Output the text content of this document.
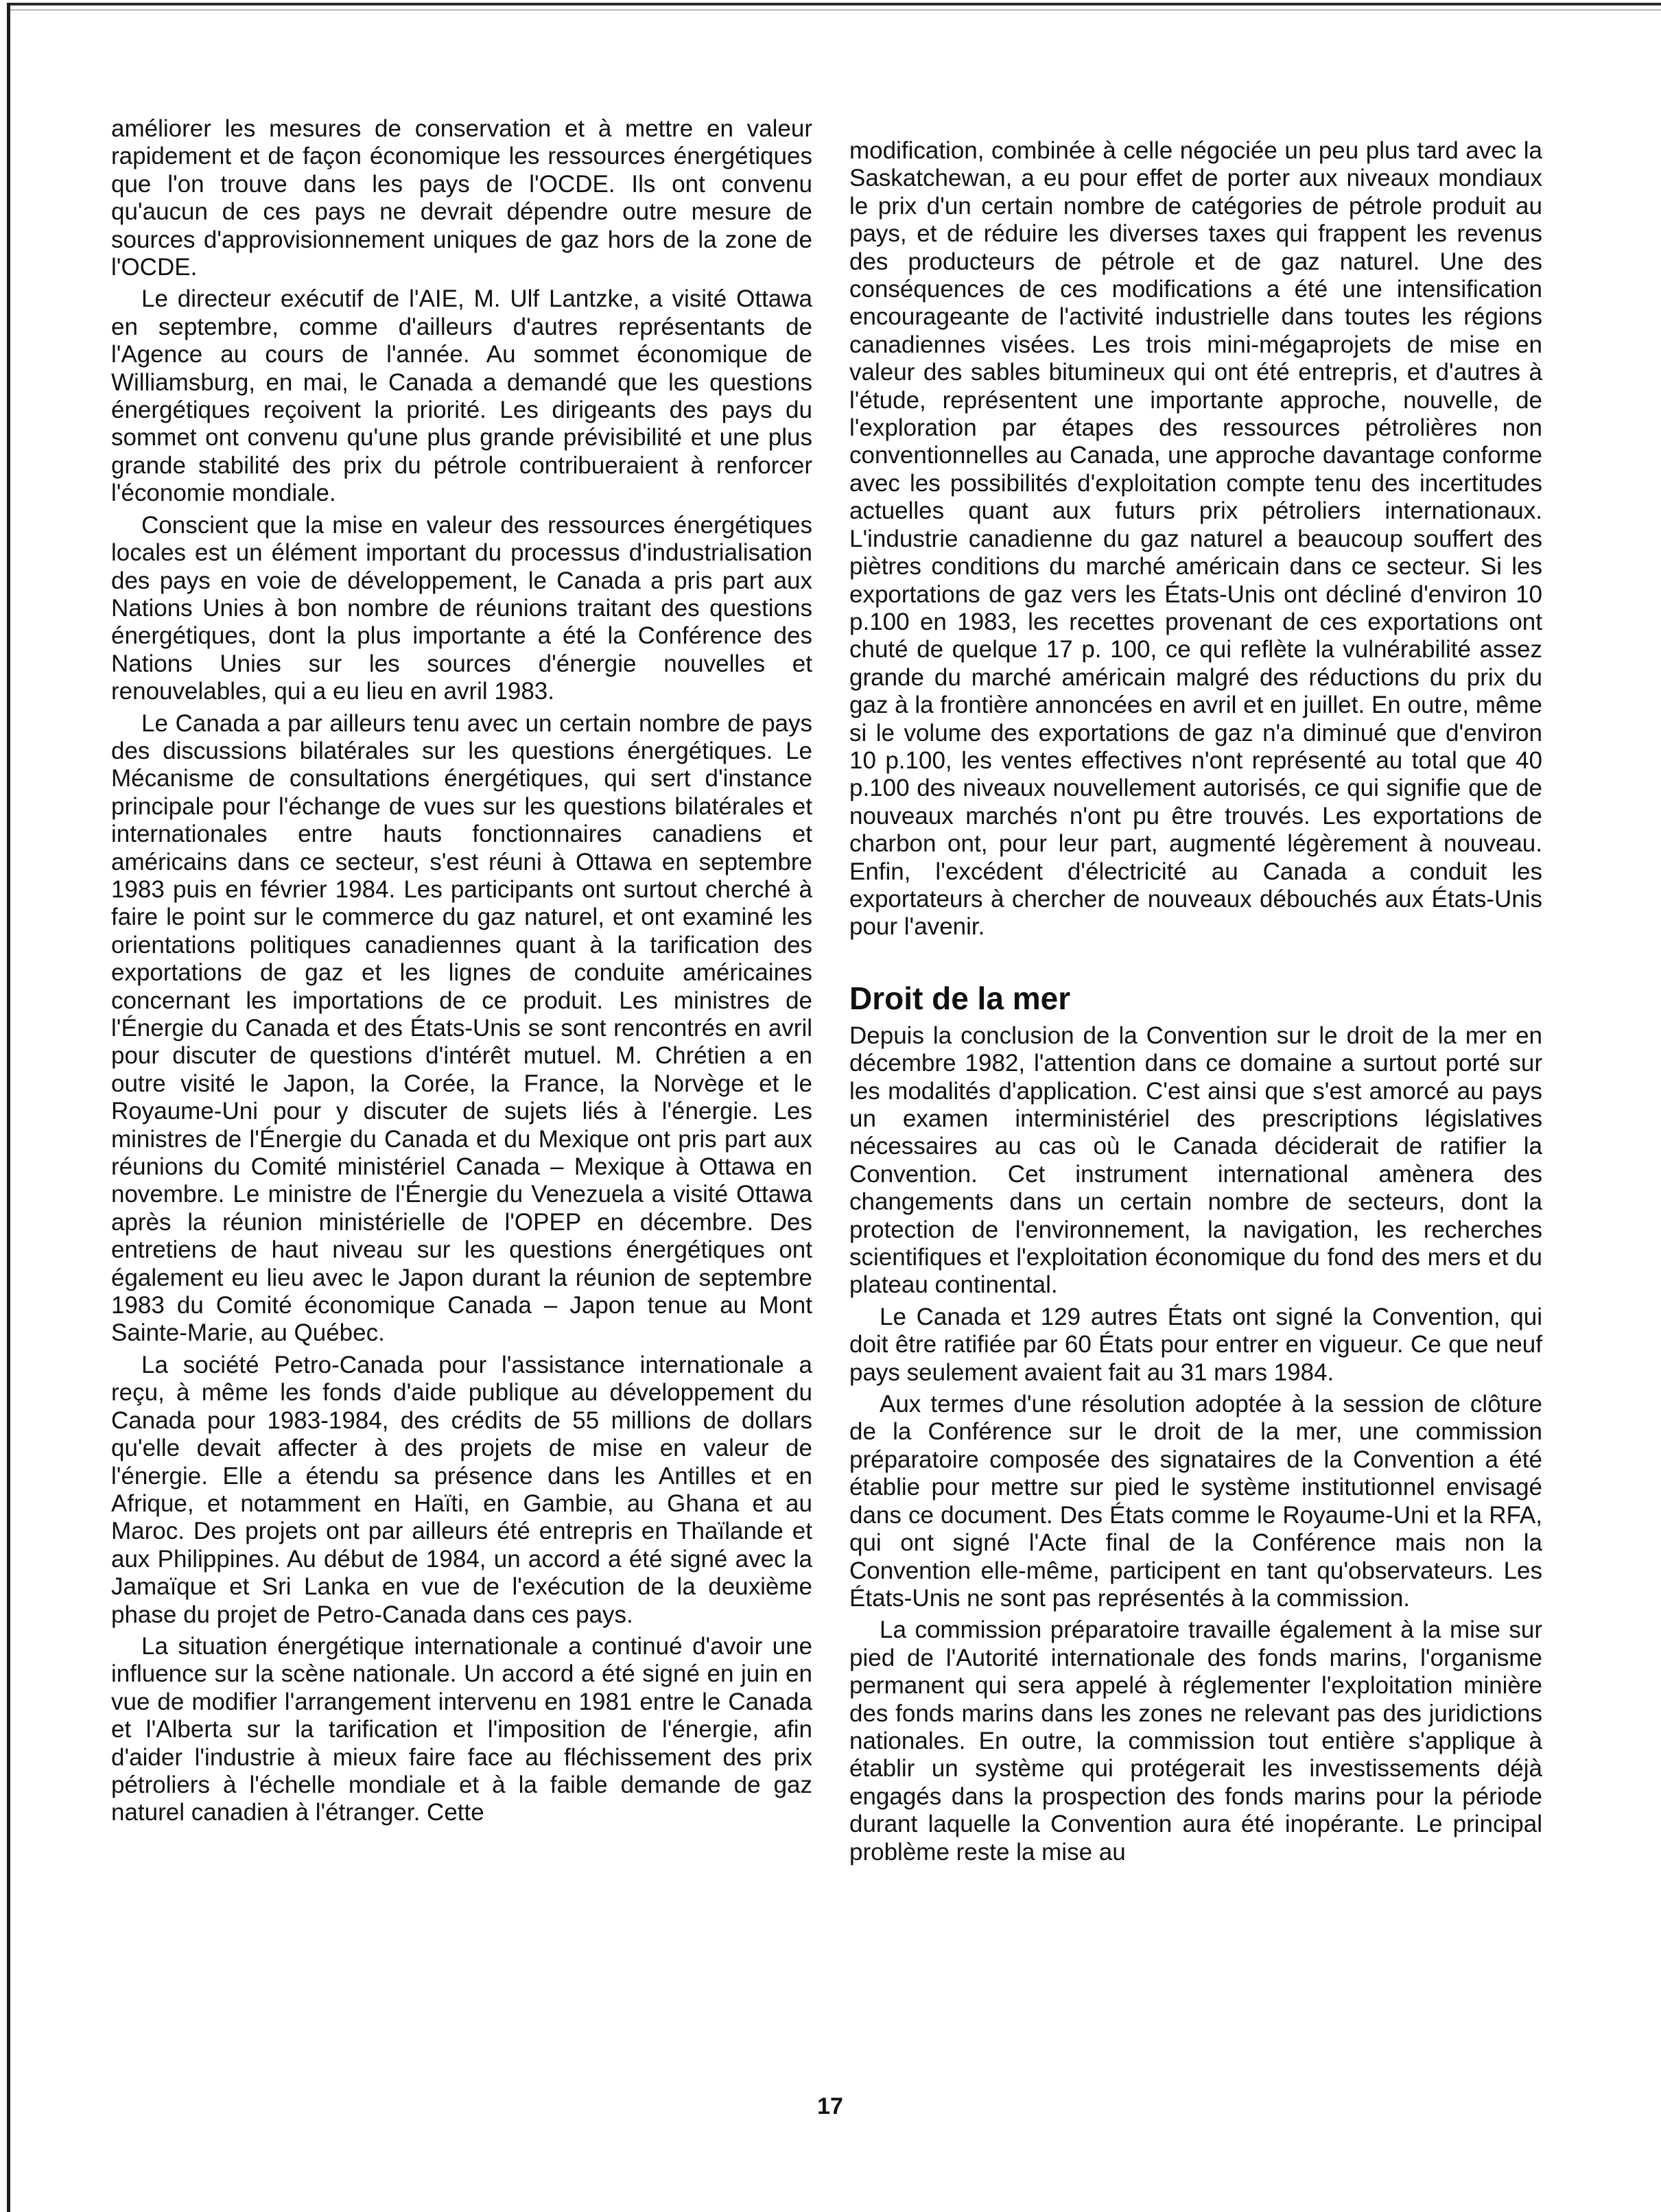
améliorer les mesures de conservation et à mettre en valeur rapidement et de façon économique les ressources énergétiques que l'on trouve dans les pays de l'OCDE. Ils ont convenu qu'aucun de ces pays ne devrait dépendre outre mesure de sources d'approvisionnement uniques de gaz hors de la zone de l'OCDE.

Le directeur exécutif de l'AIE, M. Ulf Lantzke, a visité Ottawa en septembre, comme d'ailleurs d'autres représentants de l'Agence au cours de l'année. Au sommet économique de Williamsburg, en mai, le Canada a demandé que les questions énergétiques reçoivent la priorité. Les dirigeants des pays du sommet ont convenu qu'une plus grande prévisibilité et une plus grande stabilité des prix du pétrole contribueraient à renforcer l'économie mondiale.

Conscient que la mise en valeur des ressources énergétiques locales est un élément important du processus d'industrialisation des pays en voie de développement, le Canada a pris part aux Nations Unies à bon nombre de réunions traitant des questions énergétiques, dont la plus importante a été la Conférence des Nations Unies sur les sources d'énergie nouvelles et renouvelables, qui a eu lieu en avril 1983.

Le Canada a par ailleurs tenu avec un certain nombre de pays des discussions bilatérales sur les questions énergétiques. Le Mécanisme de consultations énergétiques, qui sert d'instance principale pour l'échange de vues sur les questions bilatérales et internationales entre hauts fonctionnaires canadiens et américains dans ce secteur, s'est réuni à Ottawa en septembre 1983 puis en février 1984. Les participants ont surtout cherché à faire le point sur le commerce du gaz naturel, et ont examiné les orientations politiques canadiennes quant à la tarification des exportations de gaz et les lignes de conduite américaines concernant les importations de ce produit. Les ministres de l'Énergie du Canada et des États-Unis se sont rencontrés en avril pour discuter de questions d'intérêt mutuel. M. Chrétien a en outre visité le Japon, la Corée, la France, la Norvège et le Royaume-Uni pour y discuter de sujets liés à l'énergie. Les ministres de l'Énergie du Canada et du Mexique ont pris part aux réunions du Comité ministériel Canada – Mexique à Ottawa en novembre. Le ministre de l'Énergie du Venezuela a visité Ottawa après la réunion ministérielle de l'OPEP en décembre. Des entretiens de haut niveau sur les questions énergétiques ont également eu lieu avec le Japon durant la réunion de septembre 1983 du Comité économique Canada – Japon tenue au Mont Sainte-Marie, au Québec.

La société Petro-Canada pour l'assistance internationale a reçu, à même les fonds d'aide publique au développement du Canada pour 1983-1984, des crédits de 55 millions de dollars qu'elle devait affecter à des projets de mise en valeur de l'énergie. Elle a étendu sa présence dans les Antilles et en Afrique, et notamment en Haïti, en Gambie, au Ghana et au Maroc. Des projets ont par ailleurs été entrepris en Thaïlande et aux Philippines. Au début de 1984, un accord a été signé avec la Jamaïque et Sri Lanka en vue de l'exécution de la deuxième phase du projet de Petro-Canada dans ces pays.

La situation énergétique internationale a continué d'avoir une influence sur la scène nationale. Un accord a été signé en juin en vue de modifier l'arrangement intervenu en 1981 entre le Canada et l'Alberta sur la tarification et l'imposition de l'énergie, afin d'aider l'industrie à mieux faire face au fléchissement des prix pétroliers à l'échelle mondiale et à la faible demande de gaz naturel canadien à l'étranger. Cette

modification, combinée à celle négociée un peu plus tard avec la Saskatchewan, a eu pour effet de porter aux niveaux mondiaux le prix d'un certain nombre de catégories de pétrole produit au pays, et de réduire les diverses taxes qui frappent les revenus des producteurs de pétrole et de gaz naturel. Une des conséquences de ces modifications a été une intensification encourageante de l'activité industrielle dans toutes les régions canadiennes visées. Les trois mini-mégaprojets de mise en valeur des sables bitumineux qui ont été entrepris, et d'autres à l'étude, représentent une importante approche, nouvelle, de l'exploration par étapes des ressources pétrolières non conventionnelles au Canada, une approche davantage conforme avec les possibilités d'exploitation compte tenu des incertitudes actuelles quant aux futurs prix pétroliers internationaux. L'industrie canadienne du gaz naturel a beaucoup souffert des piètres conditions du marché américain dans ce secteur. Si les exportations de gaz vers les États-Unis ont décliné d'environ 10 p.100 en 1983, les recettes provenant de ces exportations ont chuté de quelque 17 p. 100, ce qui reflète la vulnérabilité assez grande du marché américain malgré des réductions du prix du gaz à la frontière annoncées en avril et en juillet. En outre, même si le volume des exportations de gaz n'a diminué que d'environ 10 p.100, les ventes effectives n'ont représenté au total que 40 p.100 des niveaux nouvellement autorisés, ce qui signifie que de nouveaux marchés n'ont pu être trouvés. Les exportations de charbon ont, pour leur part, augmenté légèrement à nouveau. Enfin, l'excédent d'électricité au Canada a conduit les exportateurs à chercher de nouveaux débouchés aux États-Unis pour l'avenir.

Droit de la mer

Depuis la conclusion de la Convention sur le droit de la mer en décembre 1982, l'attention dans ce domaine a surtout porté sur les modalités d'application. C'est ainsi que s'est amorcé au pays un examen interministériel des prescriptions législatives nécessaires au cas où le Canada déciderait de ratifier la Convention. Cet instrument international amènera des changements dans un certain nombre de secteurs, dont la protection de l'environnement, la navigation, les recherches scientifiques et l'exploitation économique du fond des mers et du plateau continental.

Le Canada et 129 autres États ont signé la Convention, qui doit être ratifiée par 60 États pour entrer en vigueur. Ce que neuf pays seulement avaient fait au 31 mars 1984.

Aux termes d'une résolution adoptée à la session de clôture de la Conférence sur le droit de la mer, une commission préparatoire composée des signataires de la Convention a été établie pour mettre sur pied le système institutionnel envisagé dans ce document. Des États comme le Royaume-Uni et la RFA, qui ont signé l'Acte final de la Conférence mais non la Convention elle-même, participent en tant qu'observateurs. Les États-Unis ne sont pas représentés à la commission.

La commission préparatoire travaille également à la mise sur pied de l'Autorité internationale des fonds marins, l'organisme permanent qui sera appelé à réglementer l'exploitation minière des fonds marins dans les zones ne relevant pas des juridictions nationales. En outre, la commission tout entière s'applique à établir un système qui protégerait les investissements déjà engagés dans la prospection des fonds marins pour la période durant laquelle la Convention aura été inopérante. Le principal problème reste la mise au

17
